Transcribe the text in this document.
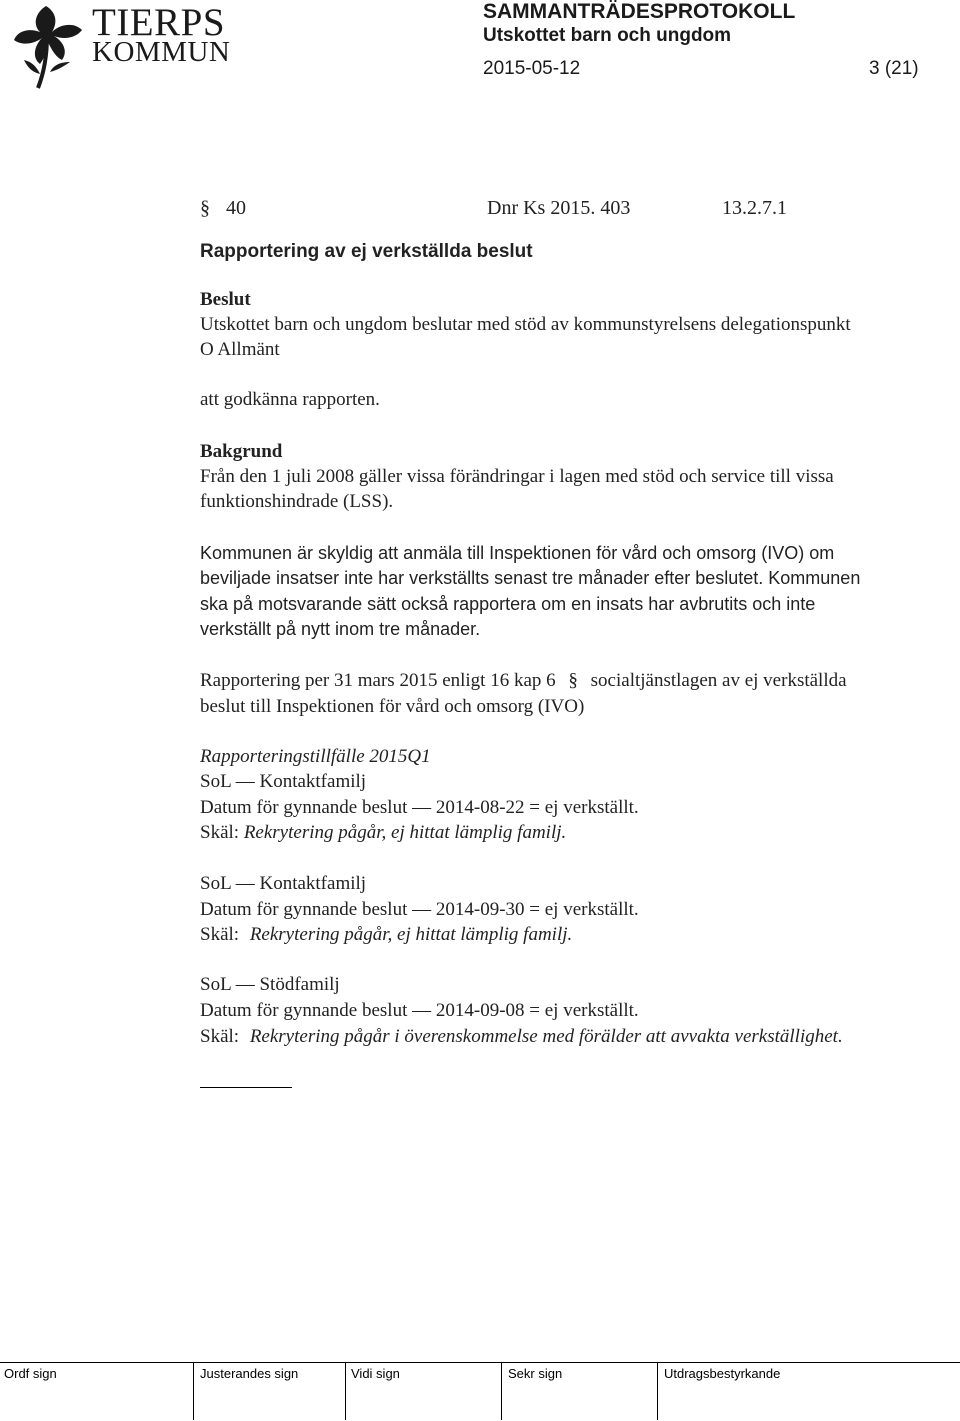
TIERPS
KOMMUN
SAMMANTRÄDESPROTOKOLL
Utskottet barn och ungdom
2015-05-12	3 (21)
§ 40	Dnr Ks 2015. 403	13.2.7.1
Rapportering av ej verkställda beslut
Beslut
Utskottet barn och ungdom beslutar med stöd av kommunstyrelsens delegationspunkt
O Allmänt
att godkänna rapporten.
Bakgrund
Från den 1 juli 2008 gäller vissa förändringar i lagen med stöd och service till vissa
funktionshindrade (LSS).
Kommunen är skyldig att anmäla till Inspektionen för vård och omsorg (IVO) om
beviljade insatser inte har verkställts senast tre månader efter beslutet. Kommunen
ska på motsvarande sätt också rapportera om en insats har avbrutits och inte
verkställt på nytt inom tre månader.
Rapportering per 31 mars 2015 enligt 16 kap 6 § socialtjänstlagen av ej verkställda
beslut till Inspektionen för vård och omsorg (IVO)
Rapporteringstillfälle 2015Q1
SoL — Kontaktfamilj
Datum för gynnande beslut — 2014-08-22 = ej verkställt.
Skäl: Rekrytering pågår, ej hittat lämplig familj.
SoL — Kontaktfamilj
Datum för gynnande beslut — 2014-09-30 = ej verkställt.
Skäl: Rekrytering pågår, ej hittat lämplig familj.
SoL — Stödfamilj
Datum för gynnande beslut — 2014-09-08 = ej verkställt.
Skäl: Rekrytering pågår i överenskommelse med förälder att avvakta verkställighet.
Ordf sign	Justerandes sign	Vidi sign	Sekr sign	Utdragsbestyrkande
